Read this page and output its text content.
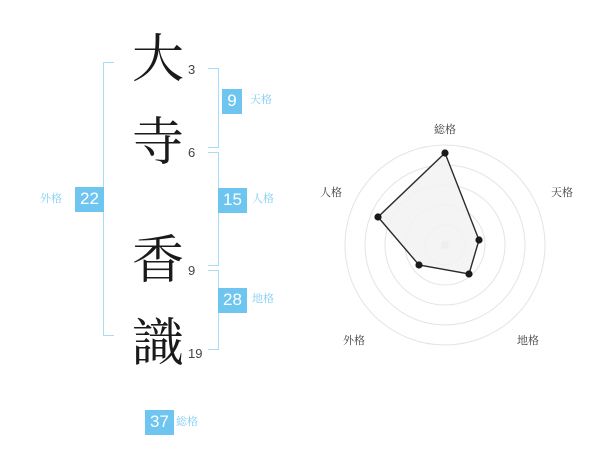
大 3
寺 6
香 9
識 19
9	天格
15 人格
28 地格
22
外格
37 総格
総格
天格
地格
外格
人格
